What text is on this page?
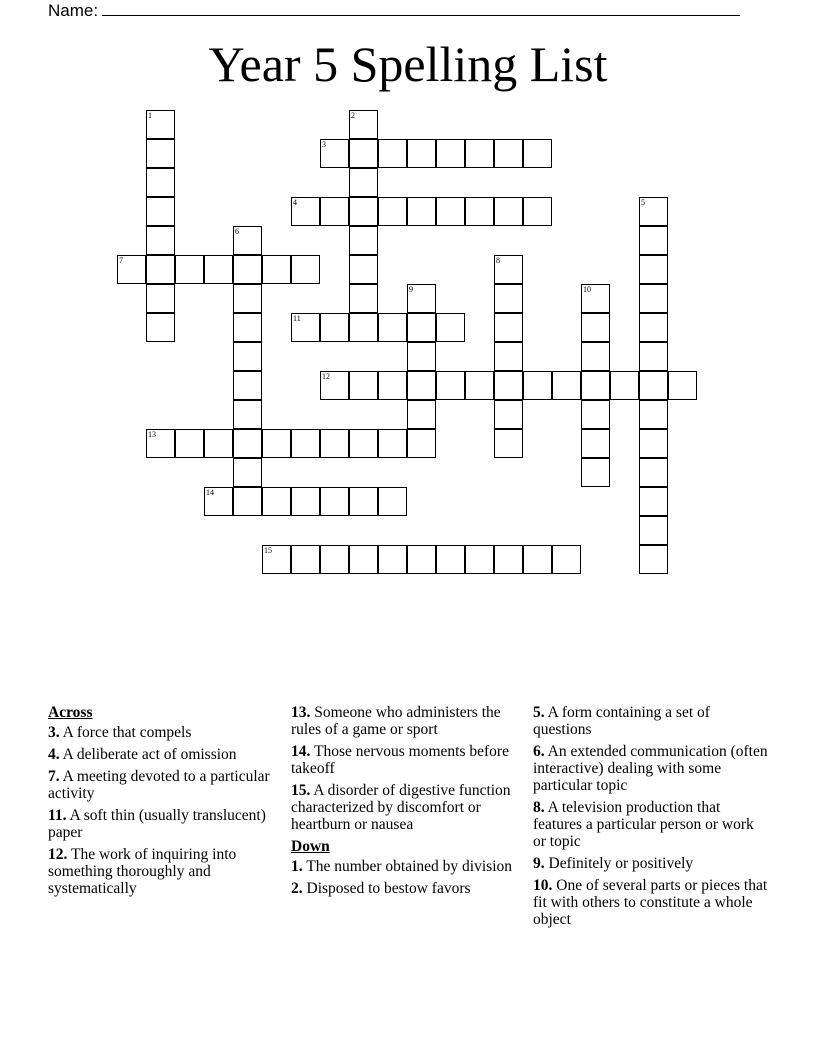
Name:
Year 5 Spelling List
1	2
3
4	5
6
7	8
9	10
11
12
13
14
15
Across
3. A force that compels
4. A deliberate act of omission
7. A meeting devoted to a particular activity
11. A soft thin (usually translucent) paper
12. The work of inquiring into something thoroughly and systematically
13. Someone who administers the rules of a game or sport
14. Those nervous moments before takeoff
15. A disorder of digestive function characterized by discomfort or heartburn or nausea
Down
1. The number obtained by division
2. Disposed to bestow favors
5. A form containing a set of questions
6. An extended communication (often interactive) dealing with some particular topic
8. A television production that features a particular person or work or topic
9. Definitely or positively
10. One of several parts or pieces that fit with others to constitute a whole object
